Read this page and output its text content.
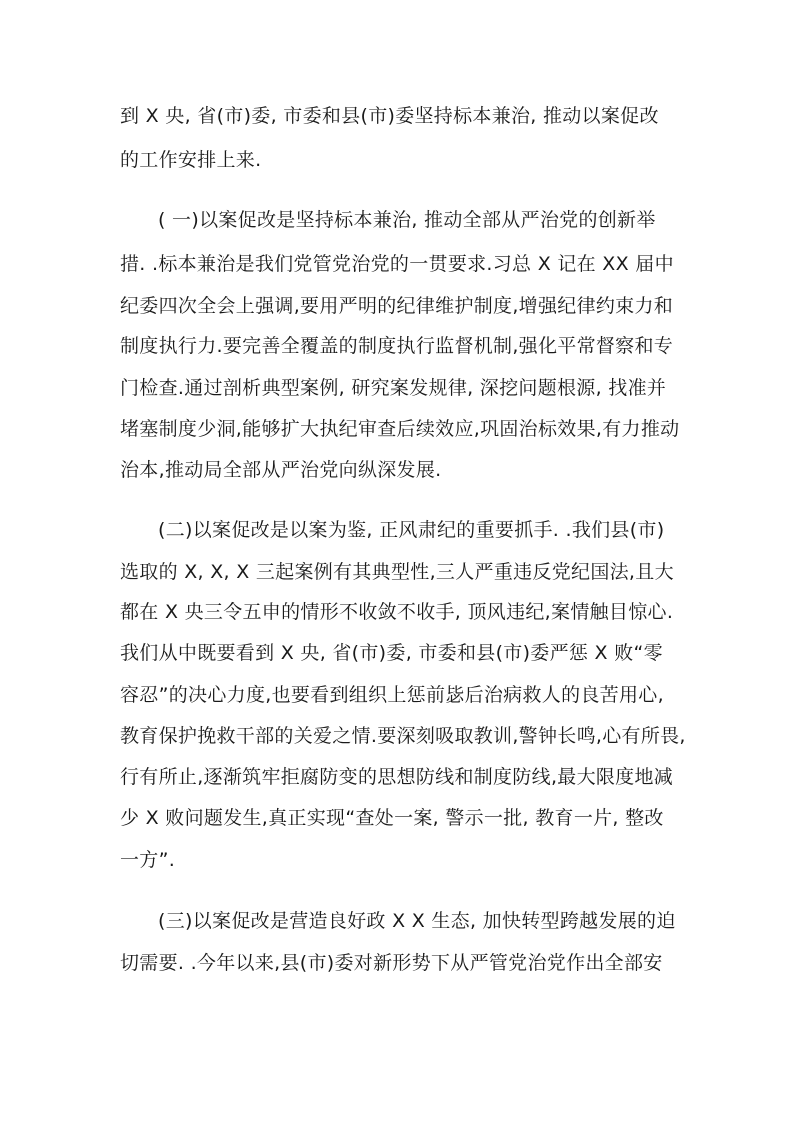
到 X 央, 省(市)委, 市委和县(市)委坚持标本兼治, 推动以案促改
的工作安排上来.
( 一)以案促改是坚持标本兼治, 推动全部从严治党的创新举
措. .标本兼治是我们党管党治党的一贯要求.习总 X 记在 XX 届中
纪委四次全会上强调,要用严明的纪律维护制度,增强纪律约束力和
制度执行力.要完善全覆盖的制度执行监督机制,强化平常督察和专
门检查.通过剖析典型案例, 研究案发规律, 深挖问题根源, 找准并
堵塞制度少洞,能够扩大执纪审查后续效应,巩固治标效果,有力推动
治本,推动局全部从严治党向纵深发展.
(二)以案促改是以案为鉴, 正风肃纪的重要抓手. .我们县(市)
选取的 X, X, X 三起案例有其典型性,三人严重违反党纪国法,且大
都在 X 央三令五申的情形不收敛不收手, 顶风违纪,案情触目惊心.
我们从中既要看到 X 央, 省(市)委, 市委和县(市)委严惩 X 败“零
容忍”的决心力度,也要看到组织上惩前毖后治病救人的良苦用心,
教育保护挽救干部的关爱之情.要深刻吸取教训,警钟长鸣,心有所畏,
行有所止,逐渐筑牢拒腐防变的思想防线和制度防线,最大限度地减
少 X 败问题发生,真正实现“查处一案, 警示一批, 教育一片, 整改
一方”.
(三)以案促改是营造良好政 X X 生态, 加快转型跨越发展的迫
切需要. .今年以来,县(市)委对新形势下从严管党治党作出全部安
